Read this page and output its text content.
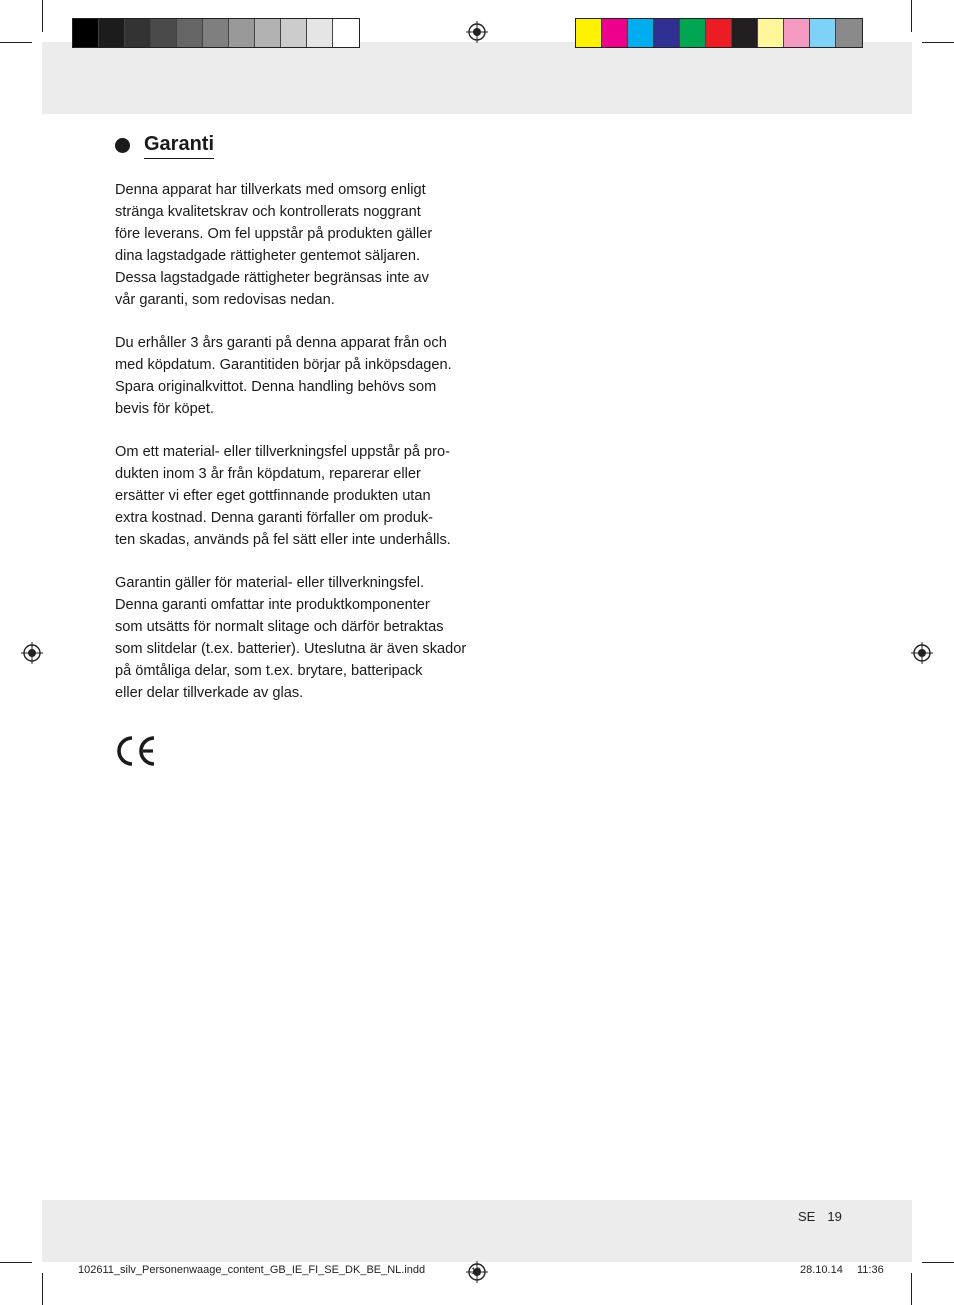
Garanti

Denna apparat har tillverkats med omsorg enligt
stränga kvalitetskrav och kontrollerats noggrant
före leverans. Om fel uppstår på produkten gäller
dina lagstadgade rättigheter gentemot säljaren.
Dessa lagstadgade rättigheter begränsas inte av
vår garanti, som redovisas nedan.

Du erhåller 3 års garanti på denna apparat från och
med köpdatum. Garantitiden börjar på inköpsdagen.
Spara originalkvittot. Denna handling behövs som
bevis för köpet.

Om ett material- eller tillverkningsfel uppstår på pro-
dukten inom 3 år från köpdatum, reparerar eller
ersätter vi efter eget gottfinnande produkten utan
extra kostnad. Denna garanti förfaller om produk-
ten skadas, används på fel sätt eller inte underhålls.

Garantin gäller för material- eller tillverkningsfel.
Denna garanti omfattar inte produktkomponenter
som utsätts för normalt slitage och därför betraktas
som slitdelar (t.ex. batterier). Uteslutna är även skador
på ömtåliga delar, som t.ex. brytare, batteripack
eller delar tillverkade av glas.

SE 19
102611_silv_Personenwaage_content_GB_IE_FI_SE_DK_BE_NL.indd	19	28.10.14 11:36
